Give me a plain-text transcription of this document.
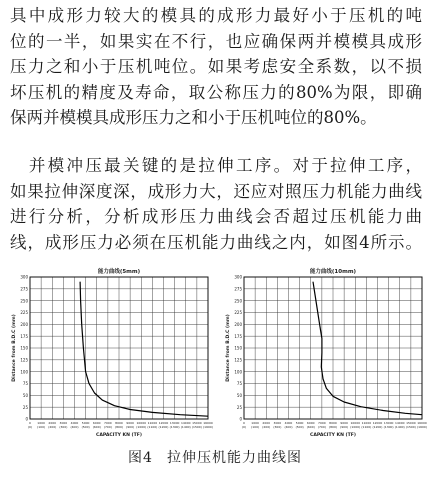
具中成形力较大的模具的成形力最好小于压机的吨
位的一半，如果实在不行，也应确保两并模模具成形
压力之和小于压机吨位。如果考虑安全系数，以不损
坏压机的精度及寿命，取公称压力的80%为限，即确
保两并模模具成形压力之和小于压机吨位的80%。

　并模冲压最关键的是拉伸工序。对于拉伸工序，
如果拉伸深度深，成形力大，还应对照压力机能力曲线
进行分析，分析成形压力曲线会否超过压机能力曲
线，成形压力必须在压机能力曲线之内，如图4所示。

能力曲线(5mm)
0
25
50
75
100
125
150
175
200
225
250
275
300
Distance from B.D.C (mm)
0
(0)
1000
(100)
2000
(200)
3000
(300)
4000
(400)
5000
(500)
6000
(600)
7000
(700)
8000
(800)
9000
(900)
10000
(1000)
11000
(1100)
12000
(1200)
13000
(1300)
14000
(1400)
15000
(1500)
16000
(1600)
CAPACITY KN (TF)
能力曲线(10mm)
0
25
50
75
100
125
150
175
200
225
250
275
300
Distance from B.D.C (mm)
0
(0)
1000
(100)
2000
(200)
3000
(300)
4000
(400)
5000
(500)
6000
(600)
7000
(700)
8000
(800)
9000
(900)
10000
(1000)
11000
(1100)
12000
(1200)
13000
(1300)
14000
(1400)
15000
(1500)
16000
(1600)
CAPACITY KN (TF)
图4 拉伸压机能力曲线图
